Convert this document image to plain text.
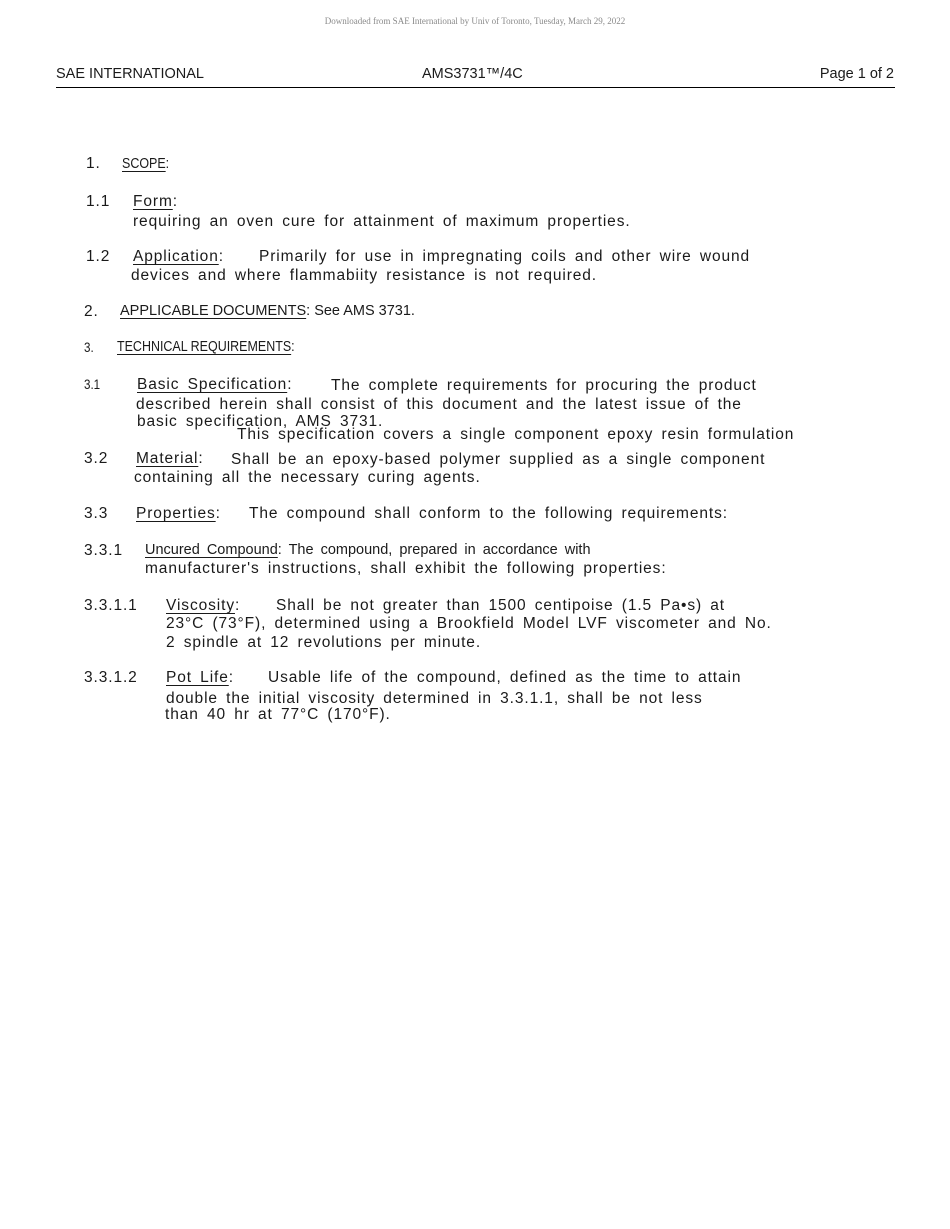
Downloaded from SAE International by Univ of Toronto, Tuesday, March 29, 2022
SAE INTERNATIONAL	AMS3731™/4C	Page 1 of 2
1. SCOPE:
1.1 Form:
requiring an oven cure for attainment of maximum properties.
1.2 Application: Primarily for use in impregnating coils and other wire wound
devices and where flammabiity resistance is not required.
2. APPLICABLE DOCUMENTS: See AMS 3731.
3. TECHNICAL REQUIREMENTS:
3.1 Basic Specification: The complete requirements for procuring the product
described herein shall consist of this document and the latest issue of the
basic specification, AMS 3731.
This specification covers a single component epoxy resin formulation
3.2 Material: Shall be an epoxy-based polymer supplied as a single component
containing all the necessary curing agents.
3.3 Properties: The compound shall conform to the following requirements:
3.3.1 Uncured Compound: The compound, prepared in accordance with
manufacturer's instructions, shall exhibit the following properties:
3.3.1.1 Viscosity: Shall be not greater than 1500 centipoise (1.5 Pa•s) at
23°C (73°F), determined using a Brookfield Model LVF viscometer and No.
2 spindle at 12 revolutions per minute.
3.3.1.2 Pot Life: Usable life of the compound, defined as the time to attain
double the initial viscosity determined in 3.3.1.1, shall be not less
than 40 hr at 77°C (170°F).
